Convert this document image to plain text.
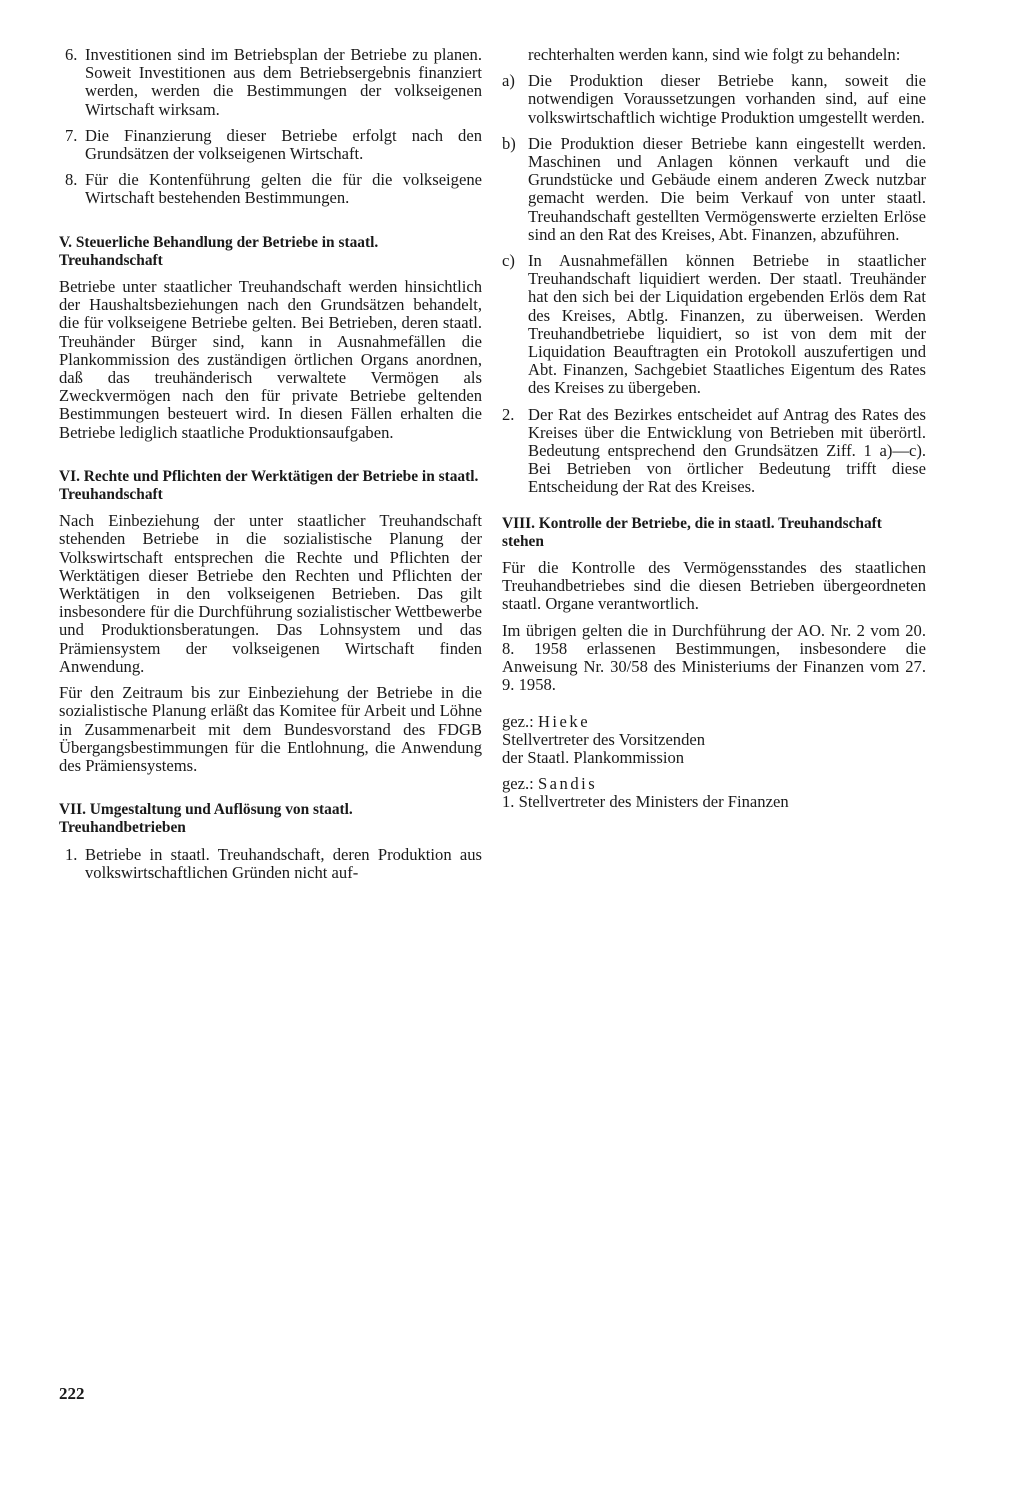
6. Investitionen sind im Betriebsplan der Betriebe zu planen. Soweit Investitionen aus dem Betriebsergebnis finanziert werden, werden die Bestimmungen der volkseigenen Wirtschaft wirksam.
7. Die Finanzierung dieser Betriebe erfolgt nach den Grundsätzen der volkseigenen Wirtschaft.
8. Für die Kontenführung gelten die für die volkseigene Wirtschaft bestehenden Bestimmungen.
V. Steuerliche Behandlung der Betriebe in staatl. Treuhandschaft

Betriebe unter staatlicher Treuhandschaft werden hinsichtlich der Haushaltsbeziehungen nach den Grundsätzen behandelt, die für volkseigene Betriebe gelten. Bei Betrieben, deren staatl. Treuhänder Bürger sind, kann in Ausnahmefällen die Plankommission des zuständigen örtlichen Organs anordnen, daß das treuhänderisch verwaltete Vermögen als Zweckvermögen nach den für private Betriebe geltenden Bestimmungen besteuert wird. In diesen Fällen erhalten die Betriebe lediglich staatliche Produktionsaufgaben.

VI. Rechte und Pflichten der Werktätigen der Betriebe in staatl. Treuhandschaft

Nach Einbeziehung der unter staatlicher Treuhandschaft stehenden Betriebe in die sozialistische Planung der Volkswirtschaft entsprechen die Rechte und Pflichten der Werktätigen dieser Betriebe den Rechten und Pflichten der Werktätigen in den volkseigenen Betrieben. Das gilt insbesondere für die Durchführung sozialistischer Wettbewerbe und Produktionsberatungen. Das Lohnsystem und das Prämiensystem der volkseigenen Wirtschaft finden Anwendung.

Für den Zeitraum bis zur Einbeziehung der Betriebe in die sozialistische Planung erläßt das Komitee für Arbeit und Löhne in Zusammenarbeit mit dem Bundesvorstand des FDGB Übergangsbestimmungen für die Entlohnung, die Anwendung des Prämiensystems.

VII. Umgestaltung und Auflösung von staatl. Treuhandbetrieben
1. Betriebe in staatl. Treuhandschaft, deren Produktion aus volkswirtschaftlichen Gründen nicht auf-

rechterhalten werden kann, sind wie folgt zu behandeln:

a) Die Produktion dieser Betriebe kann, soweit die notwendigen Voraussetzungen vorhanden sind, auf eine volkswirtschaftlich wichtige Produktion umgestellt werden.
b) Die Produktion dieser Betriebe kann eingestellt werden. Maschinen und Anlagen können verkauft und die Grundstücke und Gebäude einem anderen Zweck nutzbar gemacht werden. Die beim Verkauf von unter staatl. Treuhandschaft gestellten Vermögenswerte erzielten Erlöse sind an den Rat des Kreises, Abt. Finanzen, abzuführen.
c) In Ausnahmefällen können Betriebe in staatlicher Treuhandschaft liquidiert werden. Der staatl. Treuhänder hat den sich bei der Liquidation ergebenden Erlös dem Rat des Kreises, Abtlg. Finanzen, zu überweisen. Werden Treuhandbetriebe liquidiert, so ist von dem mit der Liquidation Beauftragten ein Protokoll auszufertigen und Abt. Finanzen, Sachgebiet Staatliches Eigentum des Rates des Kreises zu übergeben.
2. Der Rat des Bezirkes entscheidet auf Antrag des Rates des Kreises über die Entwicklung von Betrieben mit überörtl. Bedeutung entsprechend den Grundsätzen Ziff. 1 a)—c). Bei Betrieben von örtlicher Bedeutung trifft diese Entscheidung der Rat des Kreises.
VIII. Kontrolle der Betriebe, die in staatl. Treuhandschaft stehen

Für die Kontrolle des Vermögensstandes des staatlichen Treuhandbetriebes sind die diesen Betrieben übergeordneten staatl. Organe verantwortlich.

Im übrigen gelten die in Durchführung der AO. Nr. 2 vom 20. 8. 1958 erlassenen Bestimmungen, insbesondere die Anweisung Nr. 30/58 des Ministeriums der Finanzen vom 27. 9. 1958.

gez.: Hieke

Stellvertreter des Vorsitzenden

der Staatl. Plankommission

gez.: Sandis

1. Stellvertreter des Ministers der Finanzen

222
